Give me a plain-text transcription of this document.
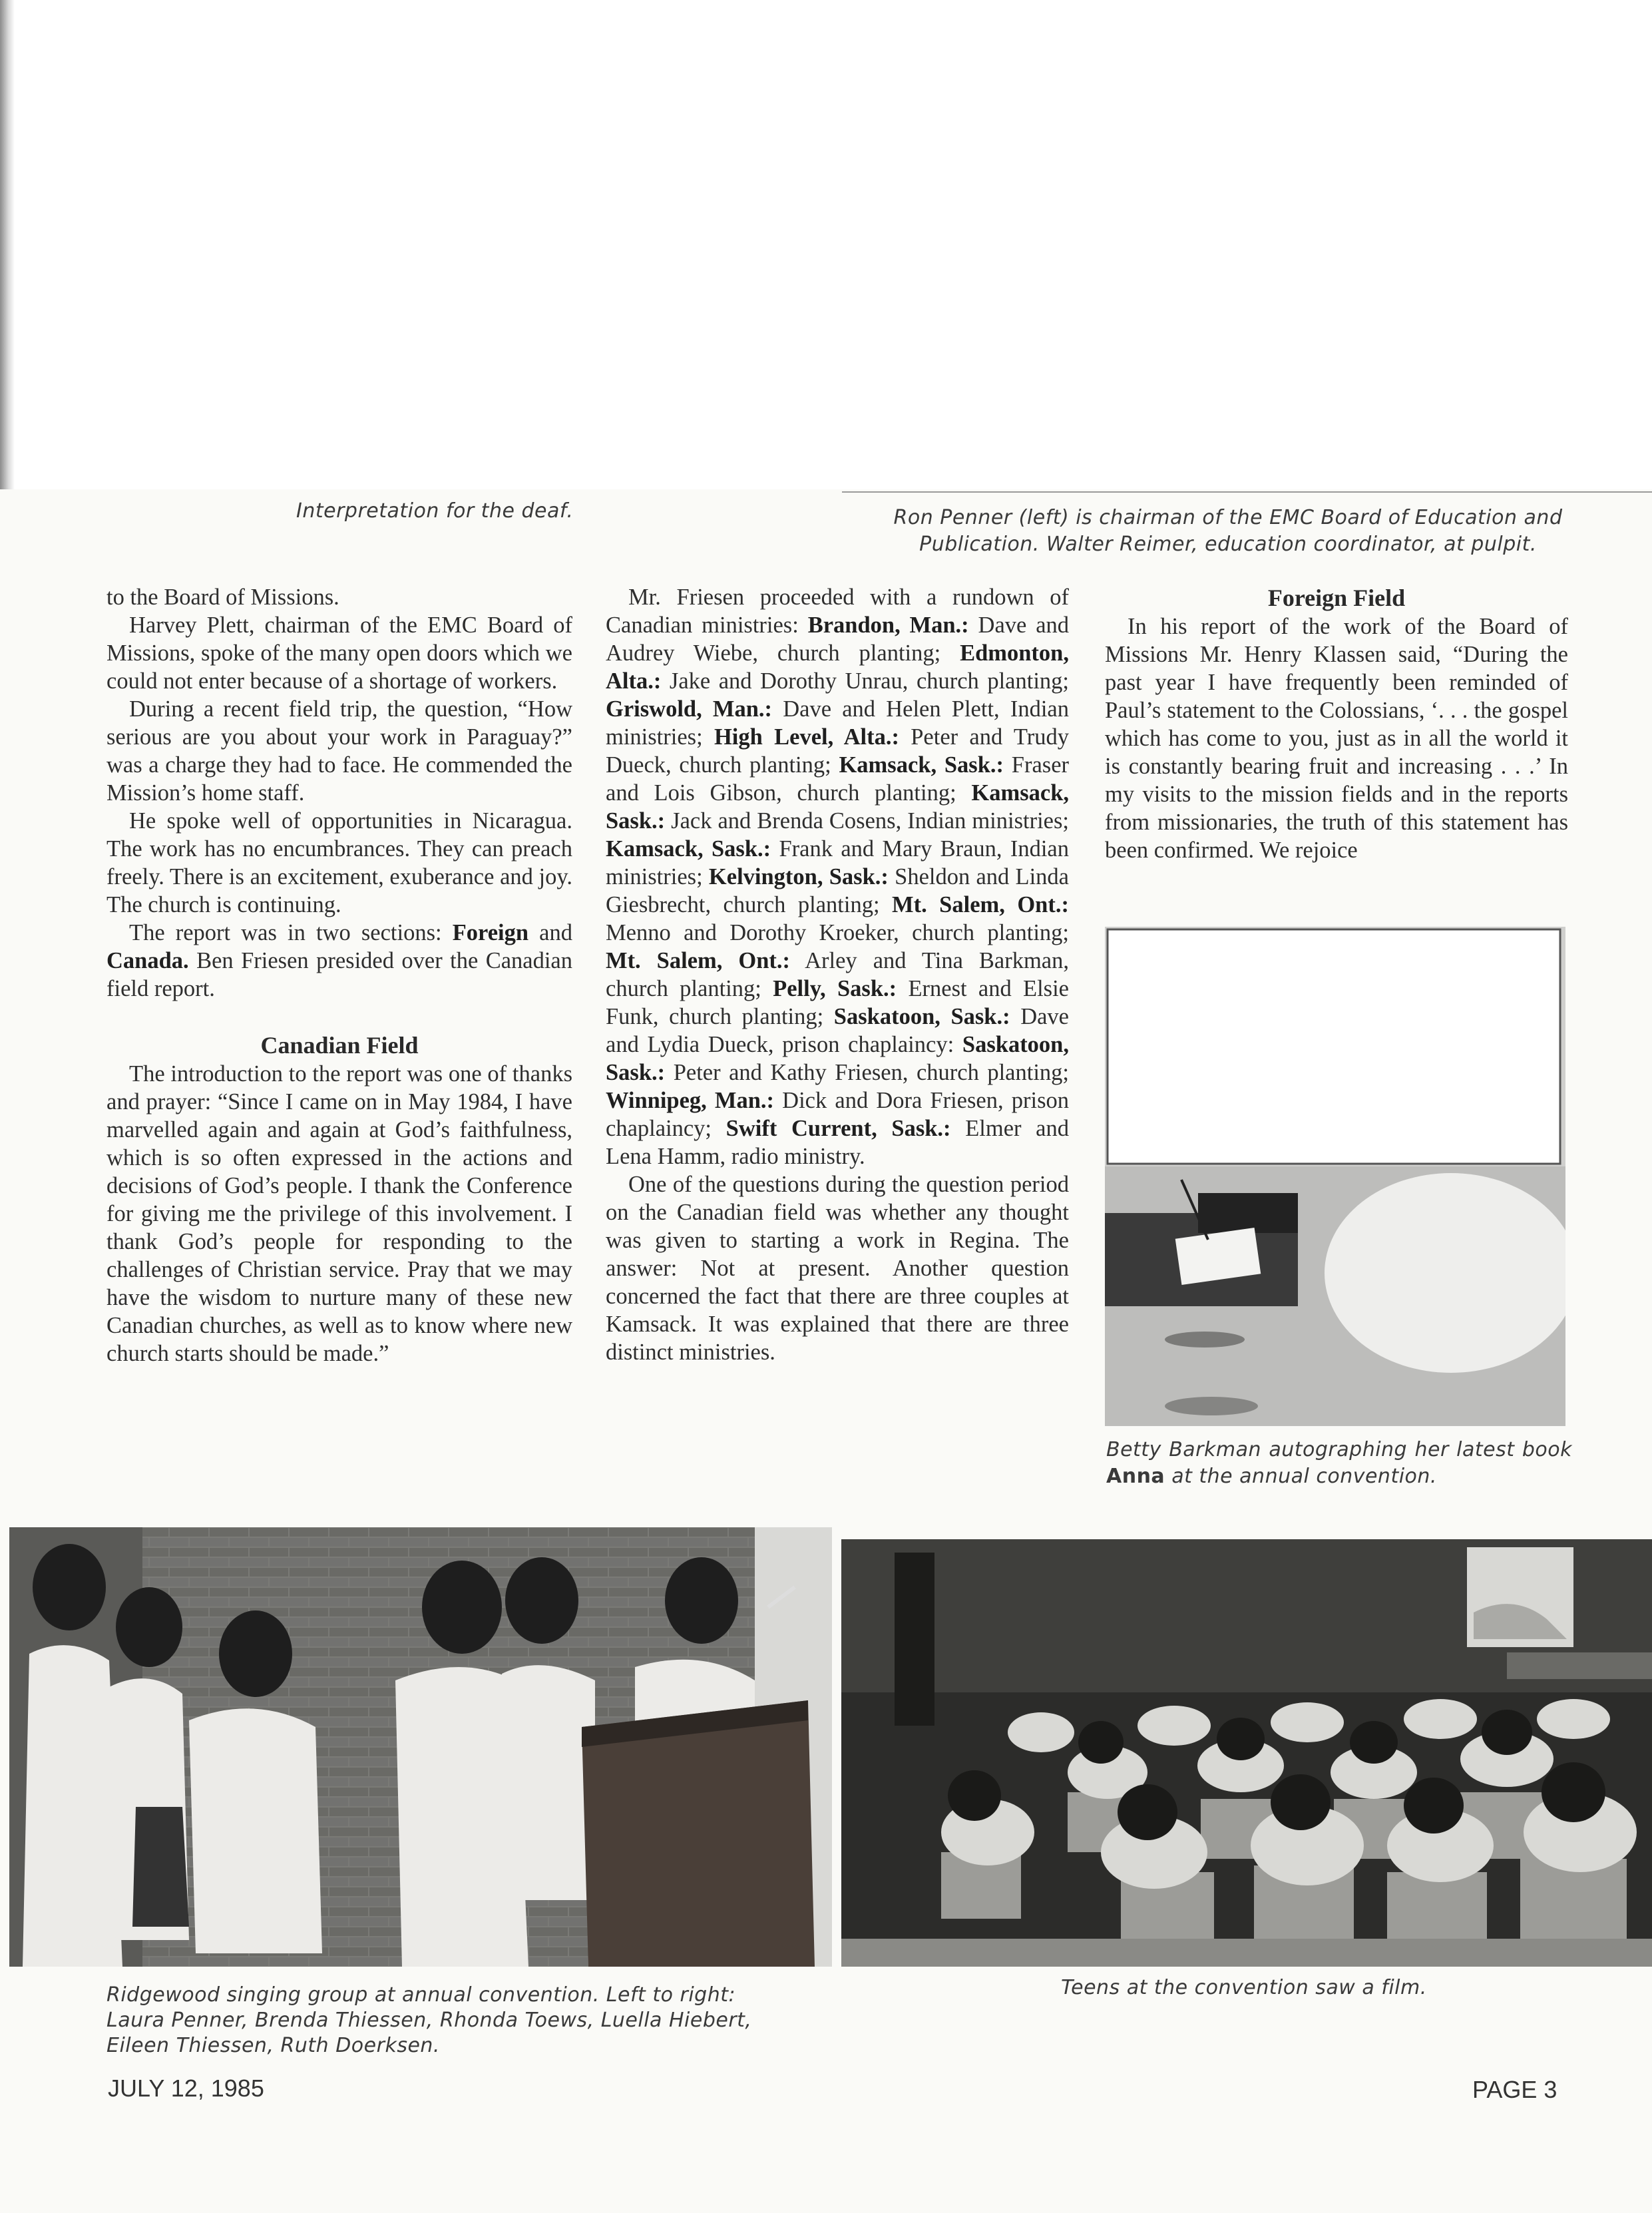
Interpretation for the deaf.	Ron Penner (left) is chairman of the EMC Board of Education and
Publication. Walter Reimer, education coordinator, at pulpit.

to the Board of Missions.

Harvey Plett, chairman of the EMC Board of Missions, spoke of the many open doors which we could not enter because of a shortage of workers.

During a recent field trip, the question, “How serious are you about your work in Paraguay?” was a charge they had to face. He commended the Mission’s home staff.

He spoke well of opportunities in Nicaragua. The work has no encumbrances. They can preach freely. There is an excitement, exuberance and joy. The church is continuing.

The report was in two sections: Foreign and Canada. Ben Friesen presided over the Canadian field report.

Canadian Field

The introduction to the report was one of thanks and prayer: “Since I came on in May 1984, I have marvelled again and again at God’s faithfulness, which is so often expressed in the actions and decisions of God’s people. I thank the Conference for giving me the privilege of this involvement. I thank God’s people for responding to the challenges of Christian service. Pray that we may have the wisdom to nurture many of these new Canadian churches, as well as to know where new church starts should be made.”

Mr. Friesen proceeded with a rundown of Canadian ministries: Brandon, Man.: Dave and Audrey Wiebe, church planting; Edmonton, Alta.: Jake and Dorothy Unrau, church planting; Griswold, Man.: Dave and Helen Plett, Indian ministries; High Level, Alta.: Peter and Trudy Dueck, church planting; Kamsack, Sask.: Fraser and Lois Gibson, church planting; Kamsack, Sask.: Jack and Brenda Cosens, Indian ministries; Kamsack, Sask.: Frank and Mary Braun, Indian ministries; Kelvington, Sask.: Sheldon and Linda Giesbrecht, church planting; Mt. Salem, Ont.: Menno and Dorothy Kroeker, church planting; Mt. Salem, Ont.: Arley and Tina Barkman, church planting; Pelly, Sask.: Ernest and Elsie Funk, church planting; Saskatoon, Sask.: Dave and Lydia Dueck, prison chaplaincy: Saskatoon, Sask.: Peter and Kathy Friesen, church planting; Winnipeg, Man.: Dick and Dora Friesen, prison chaplaincy; Swift Current, Sask.: Elmer and Lena Hamm, radio ministry.

One of the questions during the question period on the Canadian field was whether any thought was given to starting a work in Regina. The answer: Not at present. Another question concerned the fact that there are three couples at Kamsack. It was explained that there are three distinct ministries.

Foreign Field

In his report of the work of the Board of Missions Mr. Henry Klassen said, “During the past year I have frequently been reminded of Paul’s statement to the Colossians, ‘. . . the gospel which has come to you, just as in all the world it is constantly bearing fruit and increasing . . .’ In my visits to the mission fields and in the reports from missionaries, the truth of this statement has been confirmed. We rejoice

Betty Barkman autographing her latest book Anna at the annual convention.
Ridgewood singing group at annual convention. Left to right:
Laura Penner, Brenda Thiessen, Rhonda Toews, Luella Hiebert,
Eileen Thiessen, Ruth Doerksen.
Teens at the convention saw a film.
JULY 12, 1985	PAGE 3
